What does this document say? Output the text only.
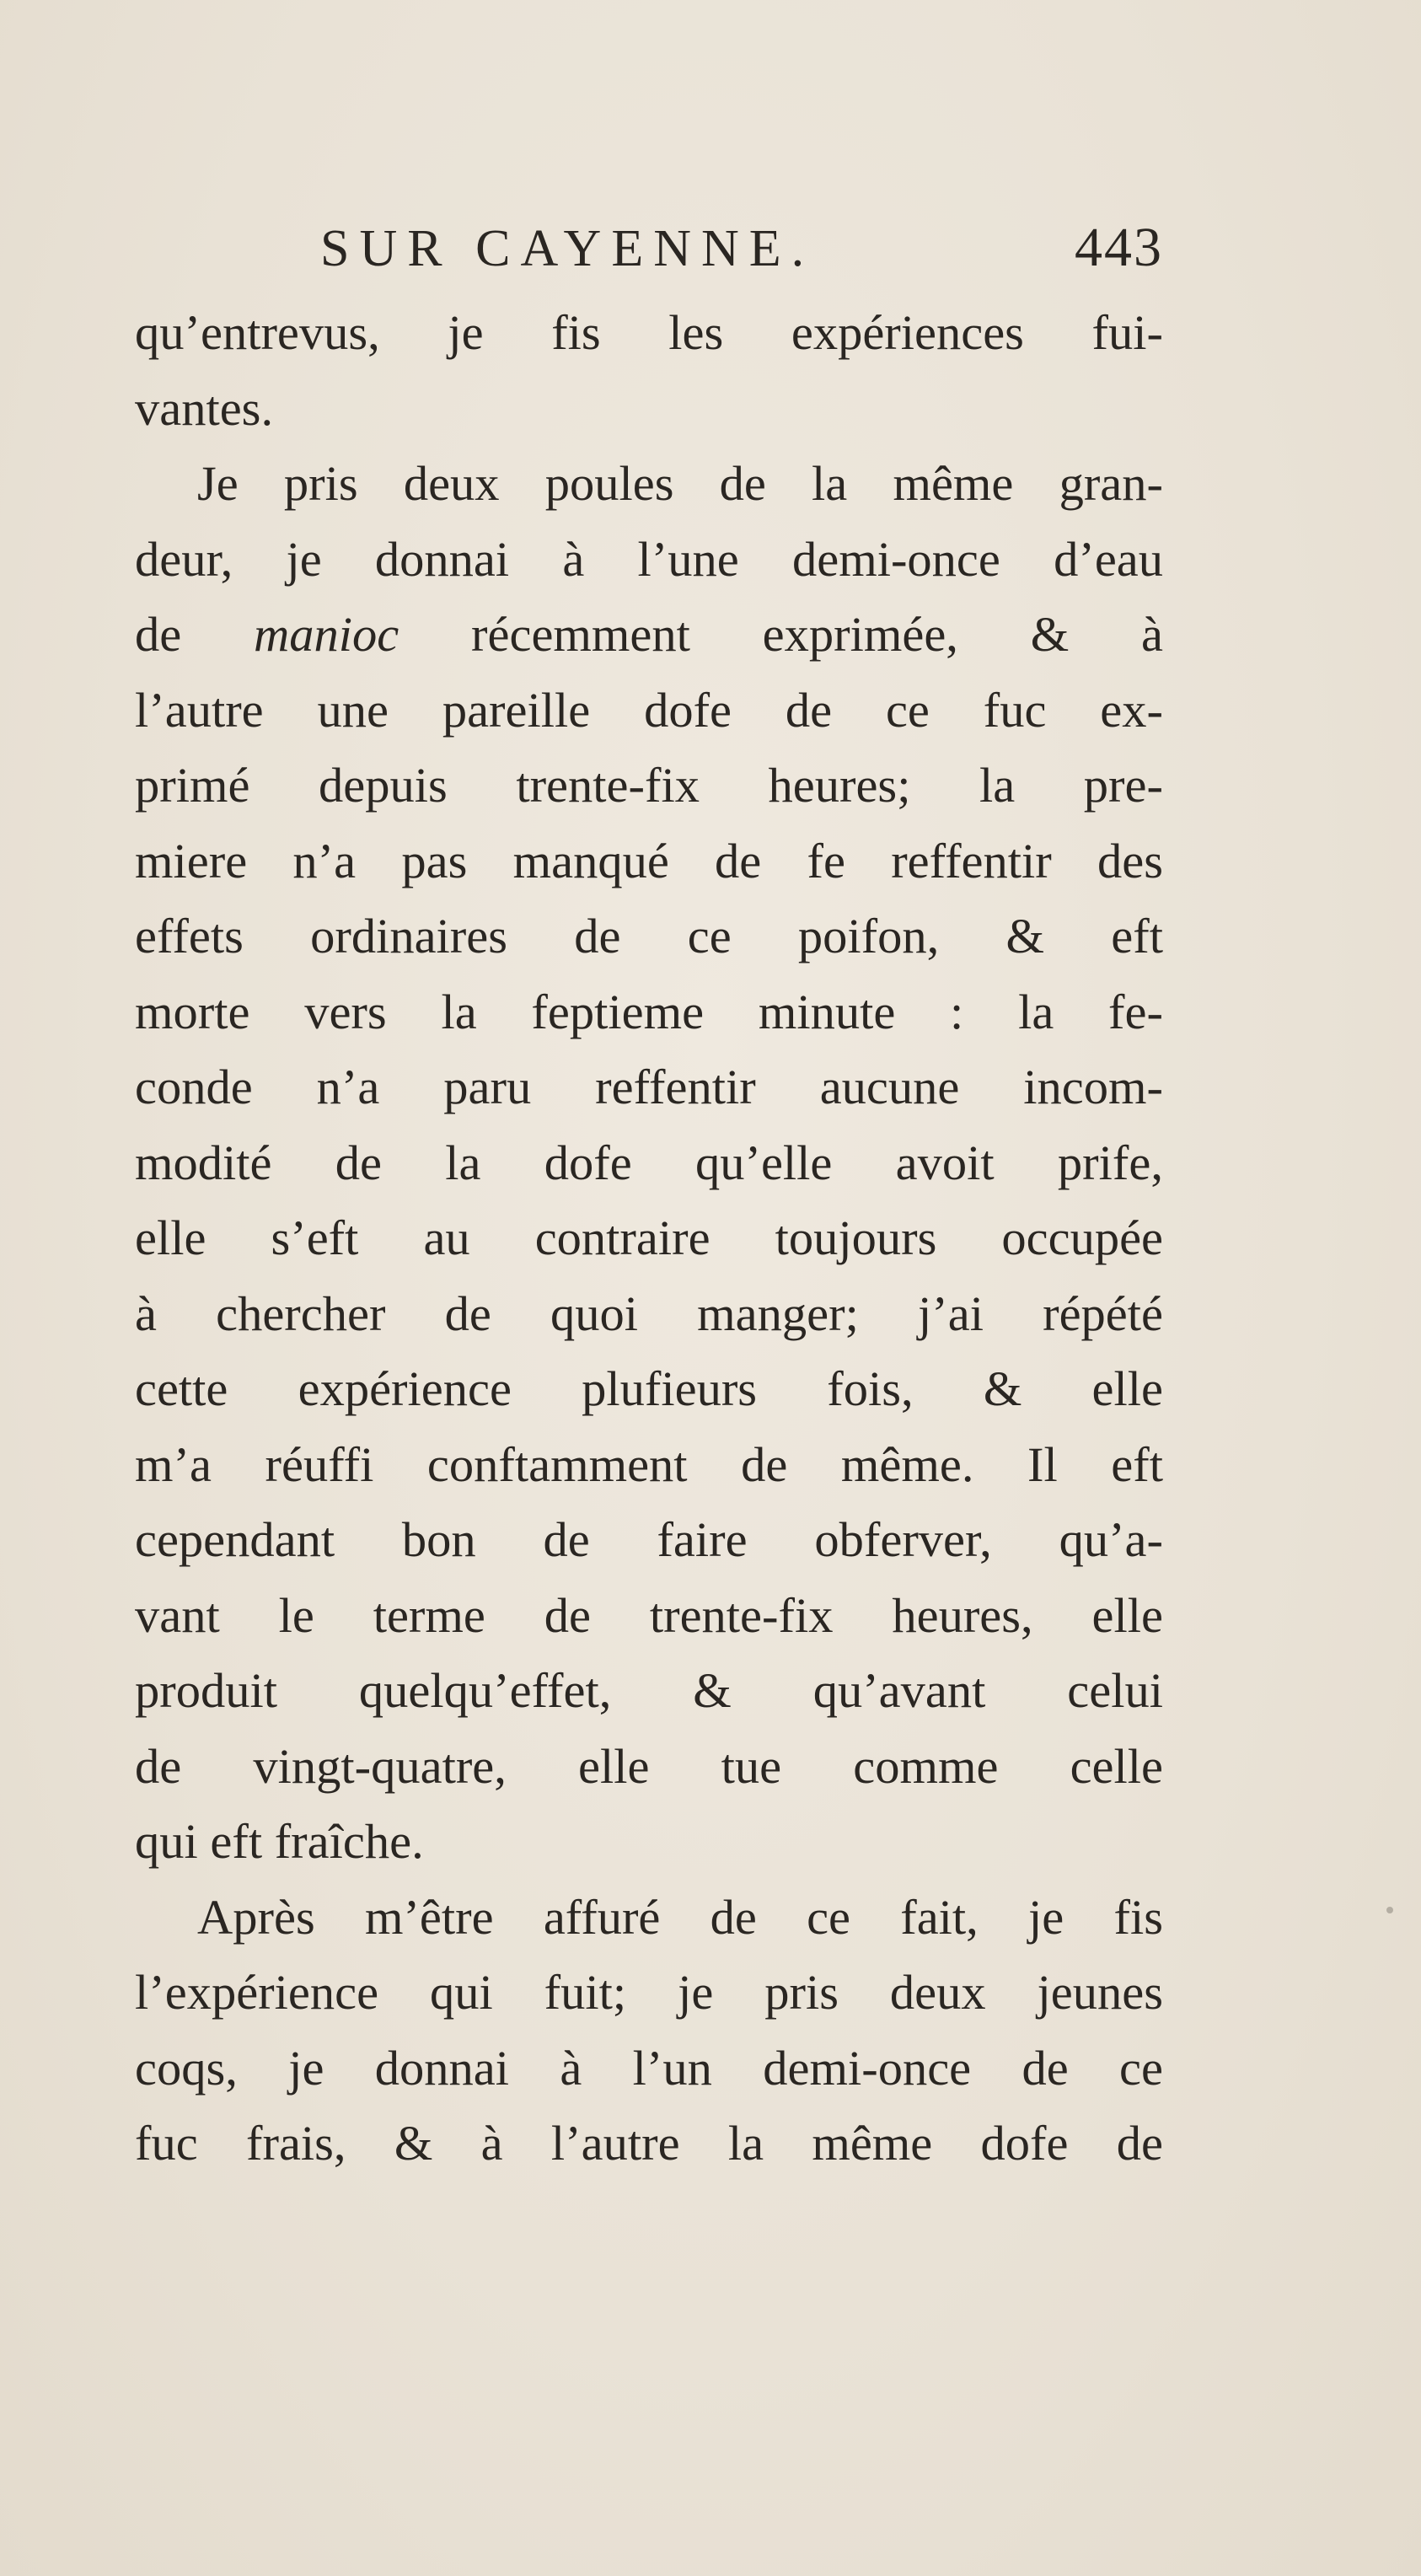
SUR CAYENNE.	443
qu’entrevus, je fis les expériences fui-
vantes.
Je pris deux poules de la même gran-
deur, je donnai à l’une demi-once d’eau
de manioc récemment exprimée, & à
l’autre une pareille dofe de ce fuc ex-
primé depuis trente-fix heures; la pre-
miere n’a pas manqué de fe reffentir des
effets ordinaires de ce poifon, & eft
morte vers la feptieme minute : la fe-
conde n’a paru reffentir aucune incom-
modité de la dofe qu’elle avoit prife,
elle s’eft au contraire toujours occupée
à chercher de quoi manger; j’ai répété
cette expérience plufieurs fois, & elle
m’a réuffi conftamment de même. Il eft
cependant bon de faire obferver, qu’a-
vant le terme de trente-fix heures, elle
produit quelqu’effet, & qu’avant celui
de vingt-quatre, elle tue comme celle
qui eft fraîche.
Après m’être affuré de ce fait, je fis
l’expérience qui fuit; je pris deux jeunes
coqs, je donnai à l’un demi-once de ce
fuc frais, & à l’autre la même dofe de
